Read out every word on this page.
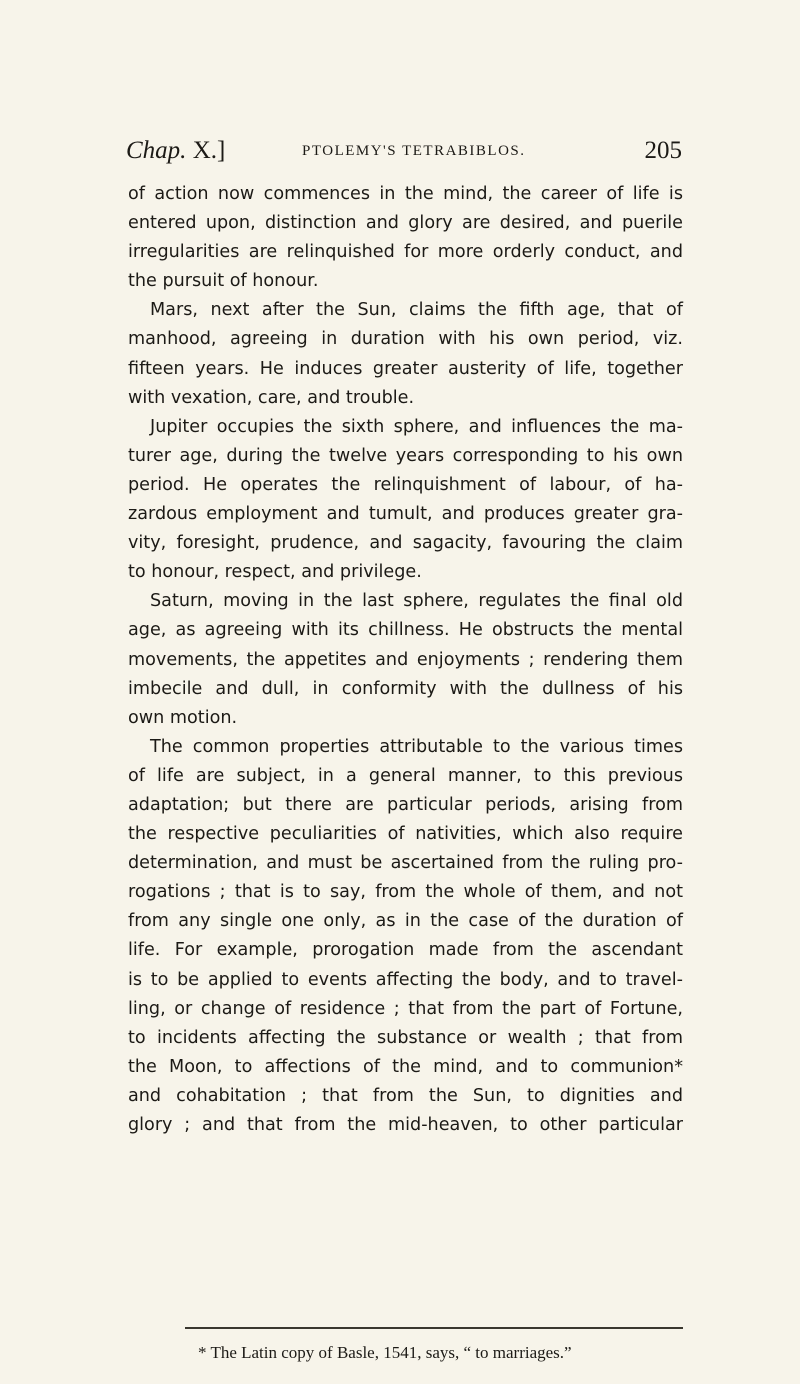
Chap. X.]	PTOLEMY'S TETRABIBLOS.	205
of action now commences in the mind, the career of life is
entered upon, distinction and glory are desired, and puerile
irregularities are relinquished for more orderly conduct, and
the pursuit of honour.
Mars, next after the Sun, claims the fifth age, that of
manhood, agreeing in duration with his own period, viz.
fifteen years. He induces greater austerity of life, together
with vexation, care, and trouble.
Jupiter occupies the sixth sphere, and influences the ma-
turer age, during the twelve years corresponding to his own
period. He operates the relinquishment of labour, of ha-
zardous employment and tumult, and produces greater gra-
vity, foresight, prudence, and sagacity, favouring the claim
to honour, respect, and privilege.
Saturn, moving in the last sphere, regulates the final old
age, as agreeing with its chillness. He obstructs the mental
movements, the appetites and enjoyments ; rendering them
imbecile and dull, in conformity with the dullness of his
own motion.
The common properties attributable to the various times
of life are subject, in a general manner, to this previous
adaptation; but there are particular periods, arising from
the respective peculiarities of nativities, which also require
determination, and must be ascertained from the ruling pro-
rogations ; that is to say, from the whole of them, and not
from any single one only, as in the case of the duration of
life. For example, prorogation made from the ascendant
is to be applied to events affecting the body, and to travel-
ling, or change of residence ; that from the part of Fortune,
to incidents affecting the substance or wealth ; that from
the Moon, to affections of the mind, and to communion*
and cohabitation ; that from the Sun, to dignities and
glory ; and that from the mid-heaven, to other particular
* The Latin copy of Basle, 1541, says, “ to marriages.”
